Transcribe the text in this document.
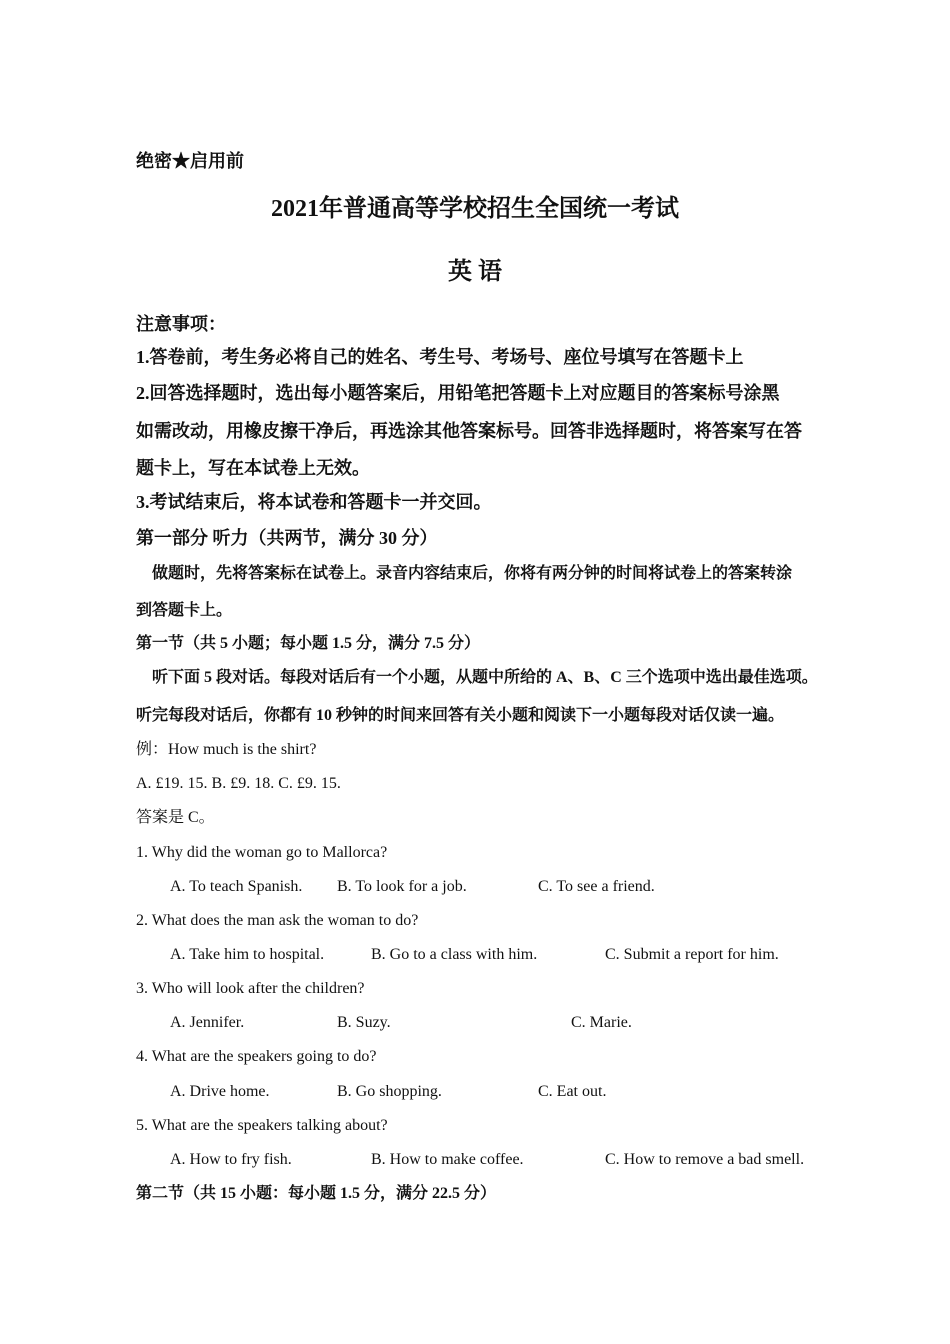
绝密★启用前
2021年普通高等学校招生全国统一考试
英 语
注意事项：
1.答卷前，考生务必将自己的姓名、考生号、考场号、座位号填写在答题卡上
2.回答选择题时，选出每小题答案后，用铅笔把答题卡上对应题目的答案标号涂黑
如需改动，用橡皮擦干净后，再选涂其他答案标号。回答非选择题时，将答案写在答
题卡上，写在本试卷上无效。
3.考试结束后，将本试卷和答题卡一并交回。
第一部分 听力（共两节，满分 30 分）
做题时，先将答案标在试卷上。录音内容结束后，你将有两分钟的时间将试卷上的答案转涂
到答题卡上。
第一节（共 5 小题；每小题 1.5 分，满分 7.5 分）
听下面 5 段对话。每段对话后有一个小题，从题中所给的 A、B、C 三个选项中选出最佳选项。
听完每段对话后，你都有 10 秒钟的时间来回答有关小题和阅读下一小题每段对话仅读一遍。
例：How much is the shirt?
A. £19. 15. B. £9. 18. C. £9. 15.
答案是 C。
1. Why did the woman go to Mallorca?
A. To teach Spanish. B. To look for a job.	C. To see a friend.
2. What does the man ask the woman to do?
A. Take him to hospital.	B. Go to a class with him.	C. Submit a report for him.
3. Who will look after the children?
A. Jennifer.	B. Suzy.	C. Marie.
4. What are the speakers going to do?
A. Drive home.	B. Go shopping.	C. Eat out.
5. What are the speakers talking about?
A. How to fry fish.	B. How to make coffee.	C. How to remove a bad smell.
第二节（共 15 小题：每小题 1.5 分，满分 22.5 分）
